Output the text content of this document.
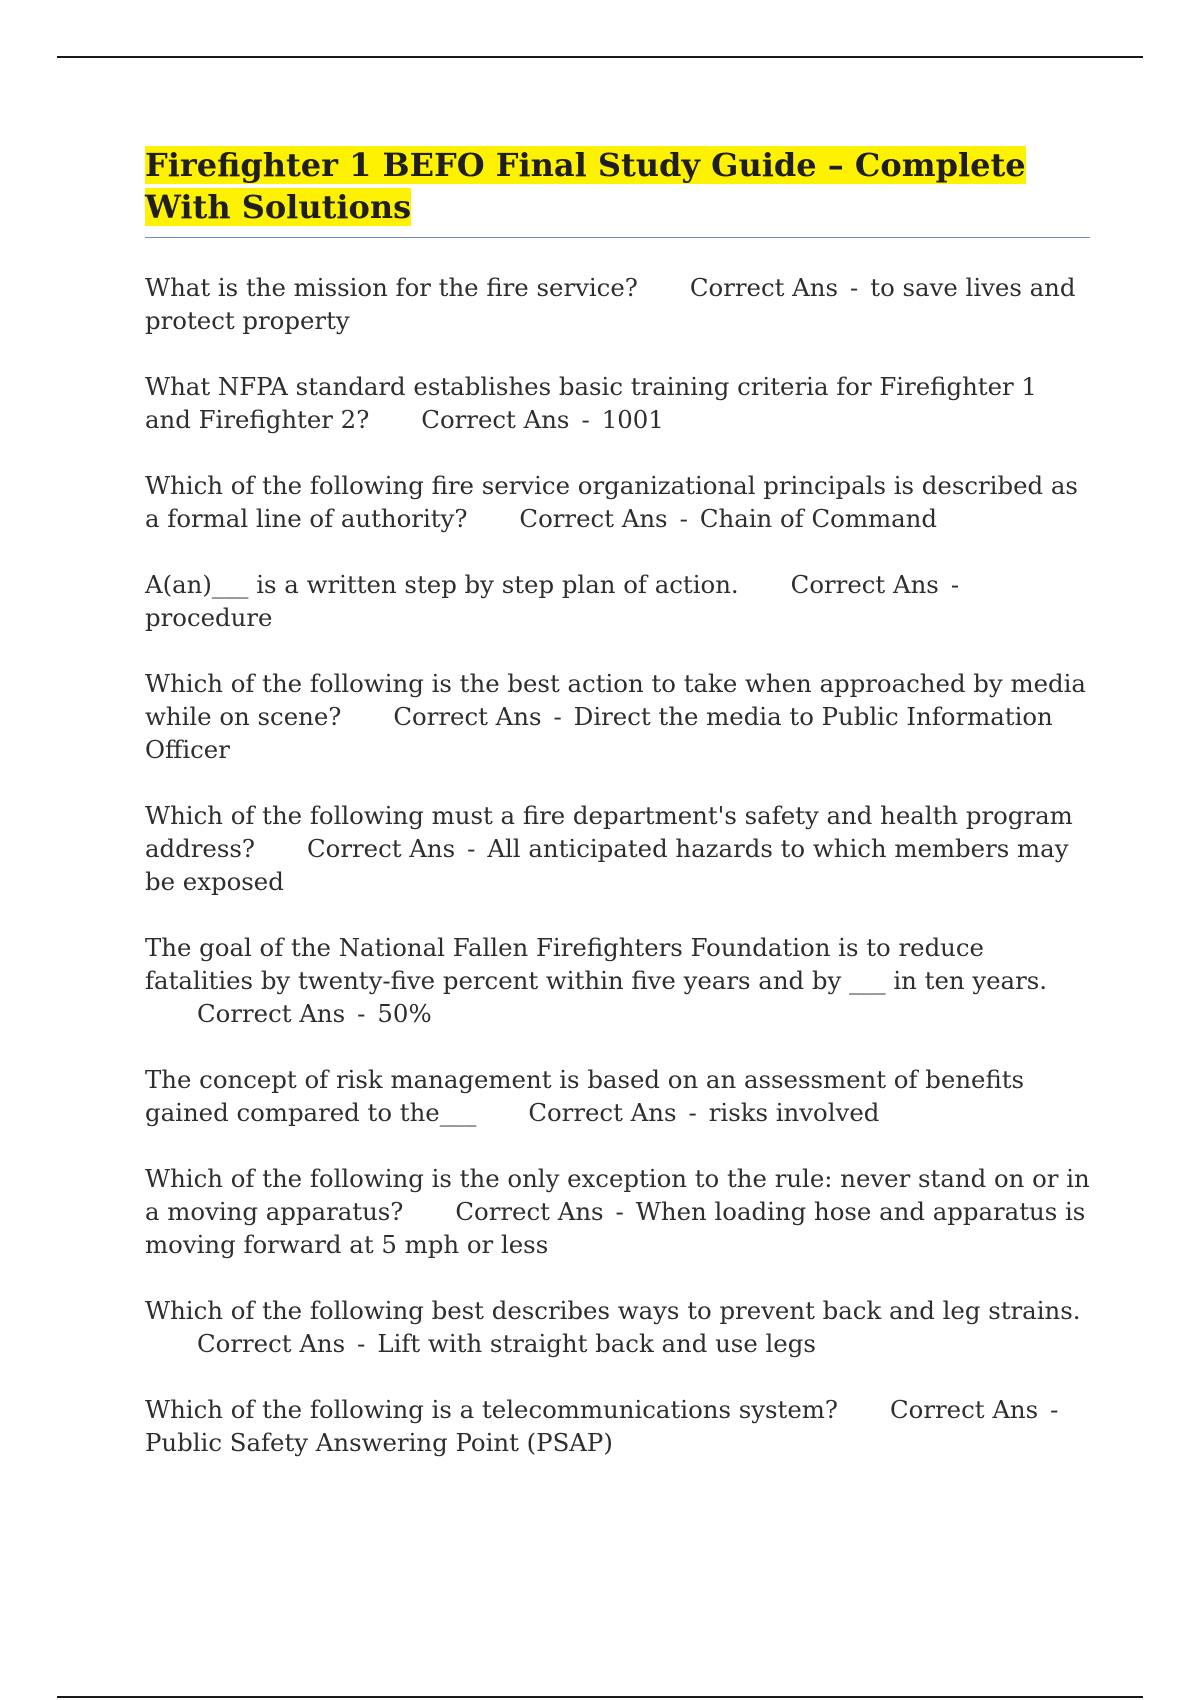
Firefighter 1 BEFO Final Study Guide – Complete With Solutions

What is the mission for the fire service? Correct Ans - to save lives and protect property

What NFPA standard establishes basic training criteria for Firefighter 1 and Firefighter 2? Correct Ans - 1001

Which of the following fire service organizational principals is described as a formal line of authority? Correct Ans - Chain of Command

A(an)___ is a written step by step plan of action. Correct Ans -procedure

Which of the following is the best action to take when approached by media while on scene? Correct Ans - Direct the media to Public Information Officer

Which of the following must a fire department's safety and health program address? Correct Ans - All anticipated hazards to which members may be exposed

The goal of the National Fallen Firefighters Foundation is to reduce fatalities by twenty-five percent within five years and by ___ in ten years.Correct Ans - 50%

The concept of risk management is based on an assessment of benefits gained compared to the___ Correct Ans - risks involved

Which of the following is the only exception to the rule: never stand on or in a moving apparatus? Correct Ans - When loading hose and apparatus is moving forward at 5 mph or less

Which of the following best describes ways to prevent back and leg strains.Correct Ans - Lift with straight back and use legs

Which of the following is a telecommunications system? Correct Ans -Public Safety Answering Point (PSAP)
